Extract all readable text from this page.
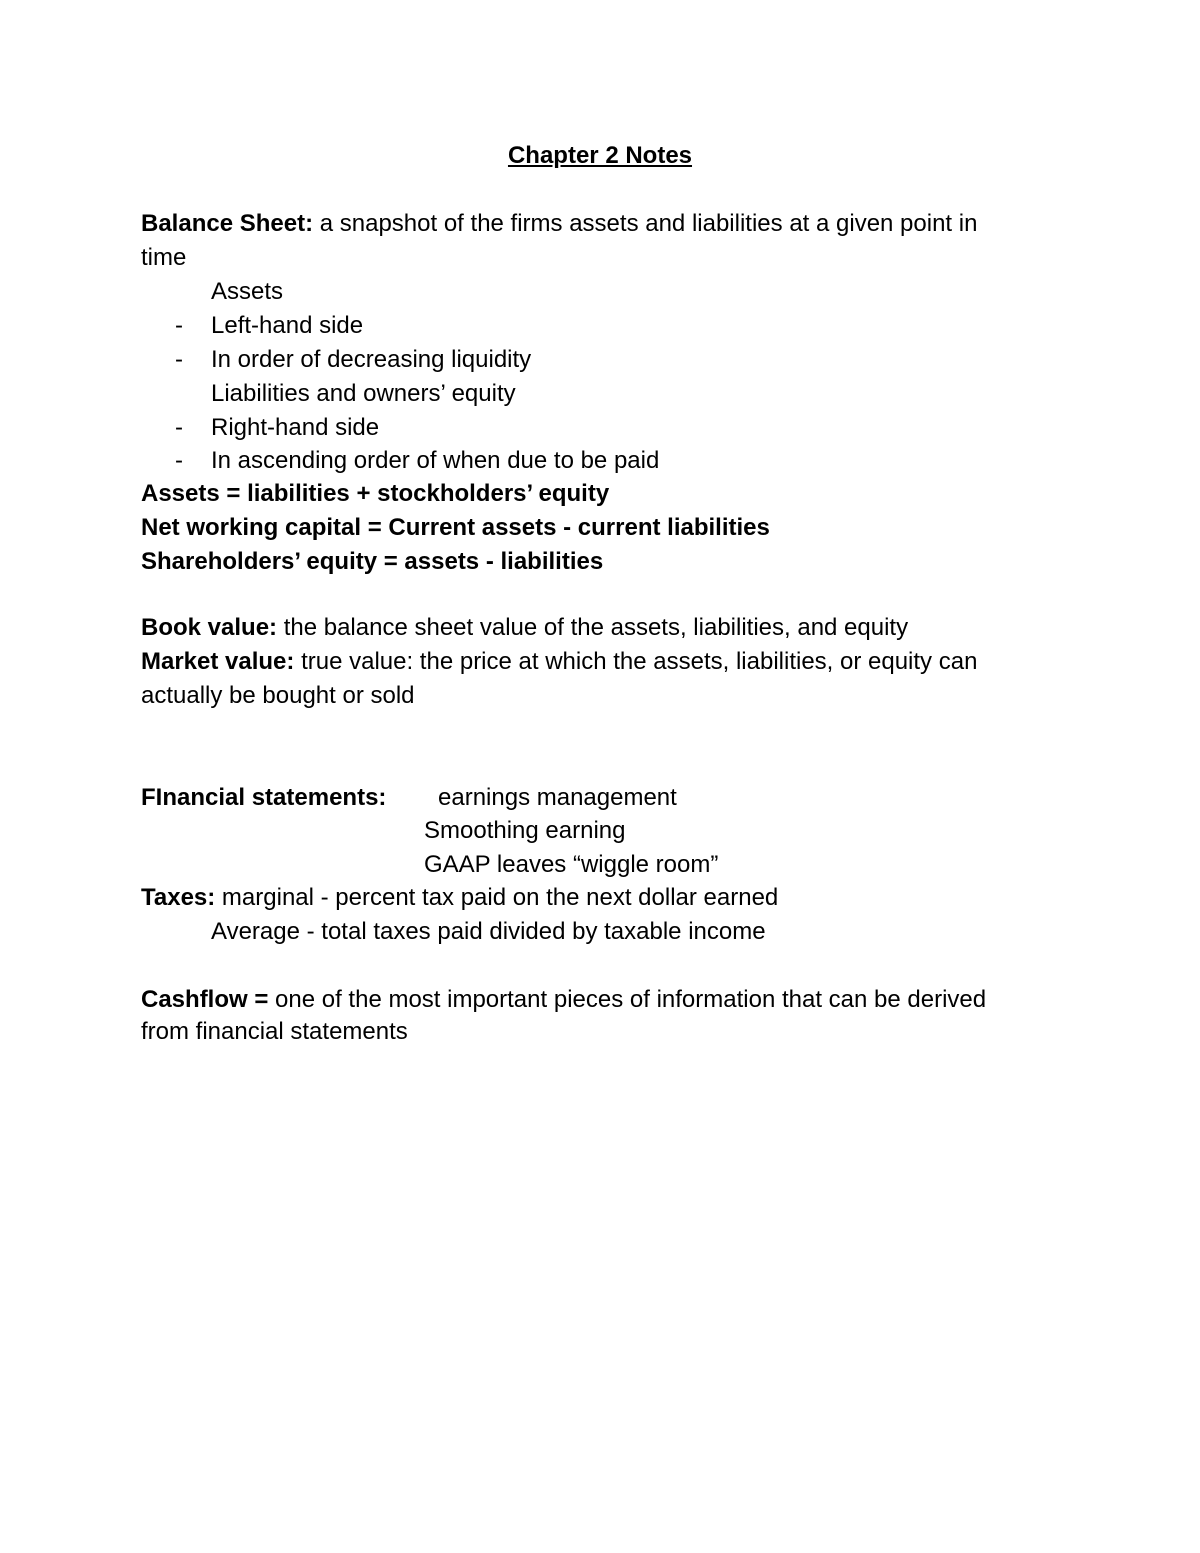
Chapter 2 Notes
Balance Sheet: a snapshot of the firms assets and liabilities at a given point in
time
Assets
- Left-hand side
- In order of decreasing liquidity
Liabilities and owners’ equity
- Right-hand side
- In ascending order of when due to be paid
Assets = liabilities + stockholders’ equity
Net working capital = Current assets - current liabilities
Shareholders’ equity = assets - liabilities
Book value: the balance sheet value of the assets, liabilities, and equity
Market value: true value: the price at which the assets, liabilities, or equity can
actually be bought or sold
FInancial statements: earnings management
Smoothing earning
GAAP leaves “wiggle room”
Taxes: marginal - percent tax paid on the next dollar earned
Average - total taxes paid divided by taxable income
Cashflow = one of the most important pieces of information that can be derived
from financial statements
